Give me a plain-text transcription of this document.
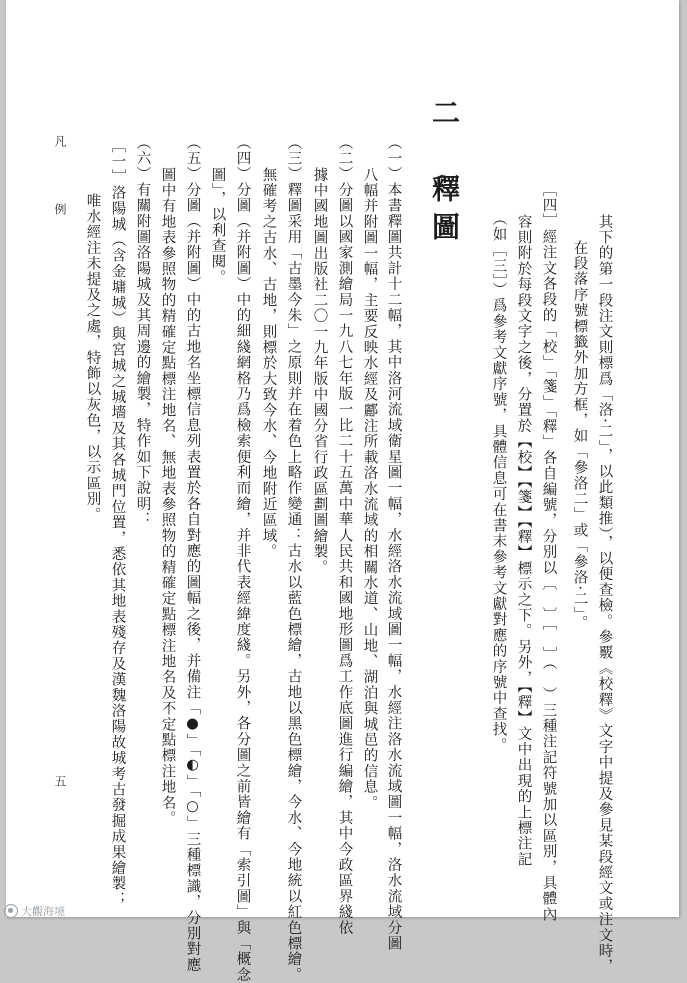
其下的第一段注文則標爲「洛·二」，以此類推），以便查檢。參覈《校釋》文字中提及參見某段經文或注文時，
在段落序號標籤外加方框，如「參洛二」或「參洛·二」。
［四］經注文各段的「校」「箋」「釋」各自編號，分別以〔　〕［　］（　）三種注記符號加以區別，具體內
容則附於每段文字之後，分置於【校】【箋】【釋】標示之下。另外，【釋】文中出現的上標注記
（如［三］）爲參考文獻序號，具體信息可在書末參考文獻對應的序號中查找。
二　釋圖
（一）本書釋圖共計十二幅，其中洛河流域衛星圖一幅，水經洛水流域圖一幅，水經注洛水流域圖一幅，洛水流域分圖
八幅并附圖一幅，主要反映水經及酈注所載洛水流域的相關水道、山地、湖泊與城邑的信息。
（二）分圖以國家測繪局一九八七年版一比二十五萬中華人民共和國地形圖爲工作底圖進行編繪，其中今政區界綫依
據中國地圖出版社二〇一九年版中國分省行政區劃圖繪製。
（三）釋圖采用「古墨今朱」之原則并在着色上略作變通：古水以藍色標繪，古地以黑色標繪，今水、今地統以紅色標繪。
無確考之古水、古地，則標於大致今水、今地附近區域。
（四）分圖（并附圖）中的細綫網格乃爲檢索便利而繪，并非代表經緯度綫。另外，各分圖之前皆繪有「索引圖」與「概念
圖」，以利查閱。
（五）分圖（并附圖）中的古地名坐標信息列表置於各自對應的圖幅之後，并備注「●」「◐」「○」三種標識，分別對應
圖中有地表參照物的精確定點標注地名、無地表參照物的精確定點標注地名及不定點標注地名。
（六）有關附圖洛陽城及其周邊的繪製，特作如下說明：
［一］洛陽城（含金墉城）與宮城之城墻及其各城門位置，悉依其地表殘存及漢魏洛陽故城考古發掘成果繪製；
唯水經注未提及之處，特飾以灰色，以示區別。
凡　例
五
大觀海境
